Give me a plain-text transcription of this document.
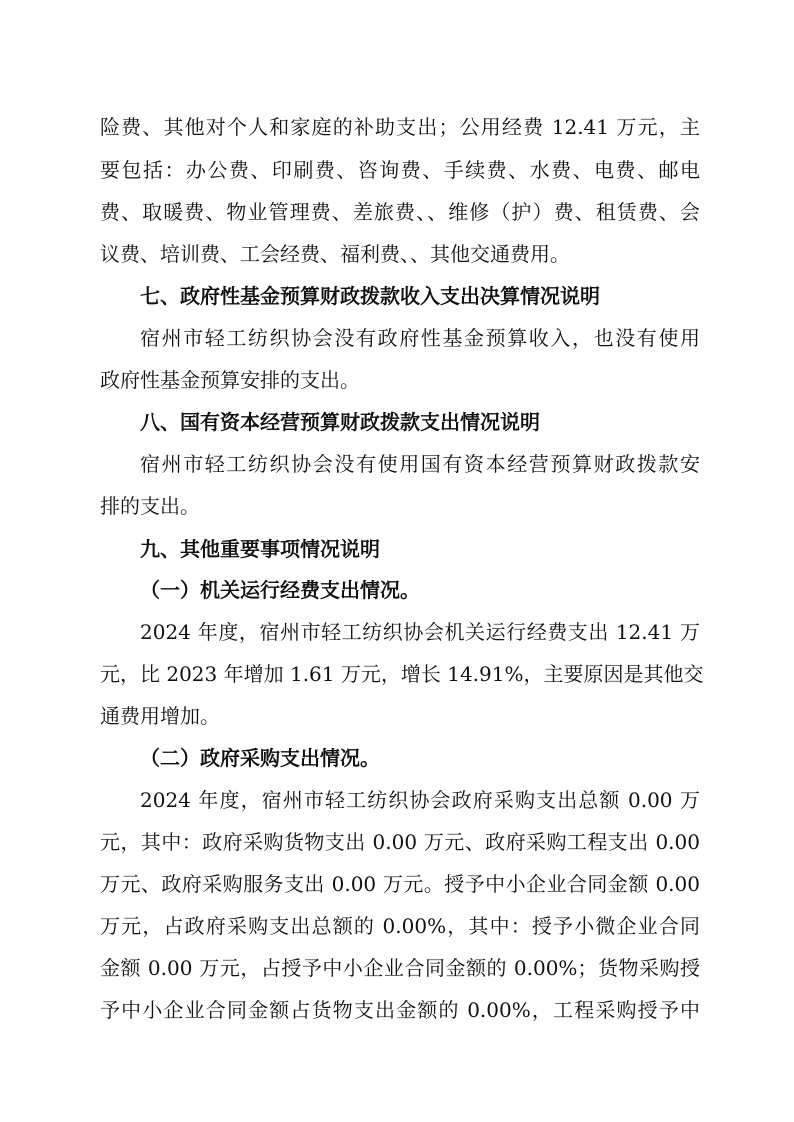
险费、其他对个人和家庭的补助支出；公用经费 12.41 万元，主
要包括：办公费、印刷费、咨询费、手续费、水费、电费、邮电
费、取暖费、物业管理费、差旅费、、维修（护）费、租赁费、会
议费、培训费、工会经费、福利费、、其他交通费用。
七、政府性基金预算财政拨款收入支出决算情况说明
宿州市轻工纺织协会没有政府性基金预算收入，也没有使用
政府性基金预算安排的支出。
八、国有资本经营预算财政拨款支出情况说明
宿州市轻工纺织协会没有使用国有资本经营预算财政拨款安
排的支出。
九、其他重要事项情况说明
（一）机关运行经费支出情况。
2024 年度，宿州市轻工纺织协会机关运行经费支出 12.41 万
元，比 2023 年增加 1.61 万元，增长 14.91%，主要原因是其他交
通费用增加。
（二）政府采购支出情况。
2024 年度，宿州市轻工纺织协会政府采购支出总额 0.00 万
元，其中：政府采购货物支出 0.00 万元、政府采购工程支出 0.00
万元、政府采购服务支出 0.00 万元。授予中小企业合同金额 0.00
万元，占政府采购支出总额的 0.00%，其中：授予小微企业合同
金额 0.00 万元，占授予中小企业合同金额的 0.00%；货物采购授
予中小企业合同金额占货物支出金额的 0.00%，工程采购授予中
